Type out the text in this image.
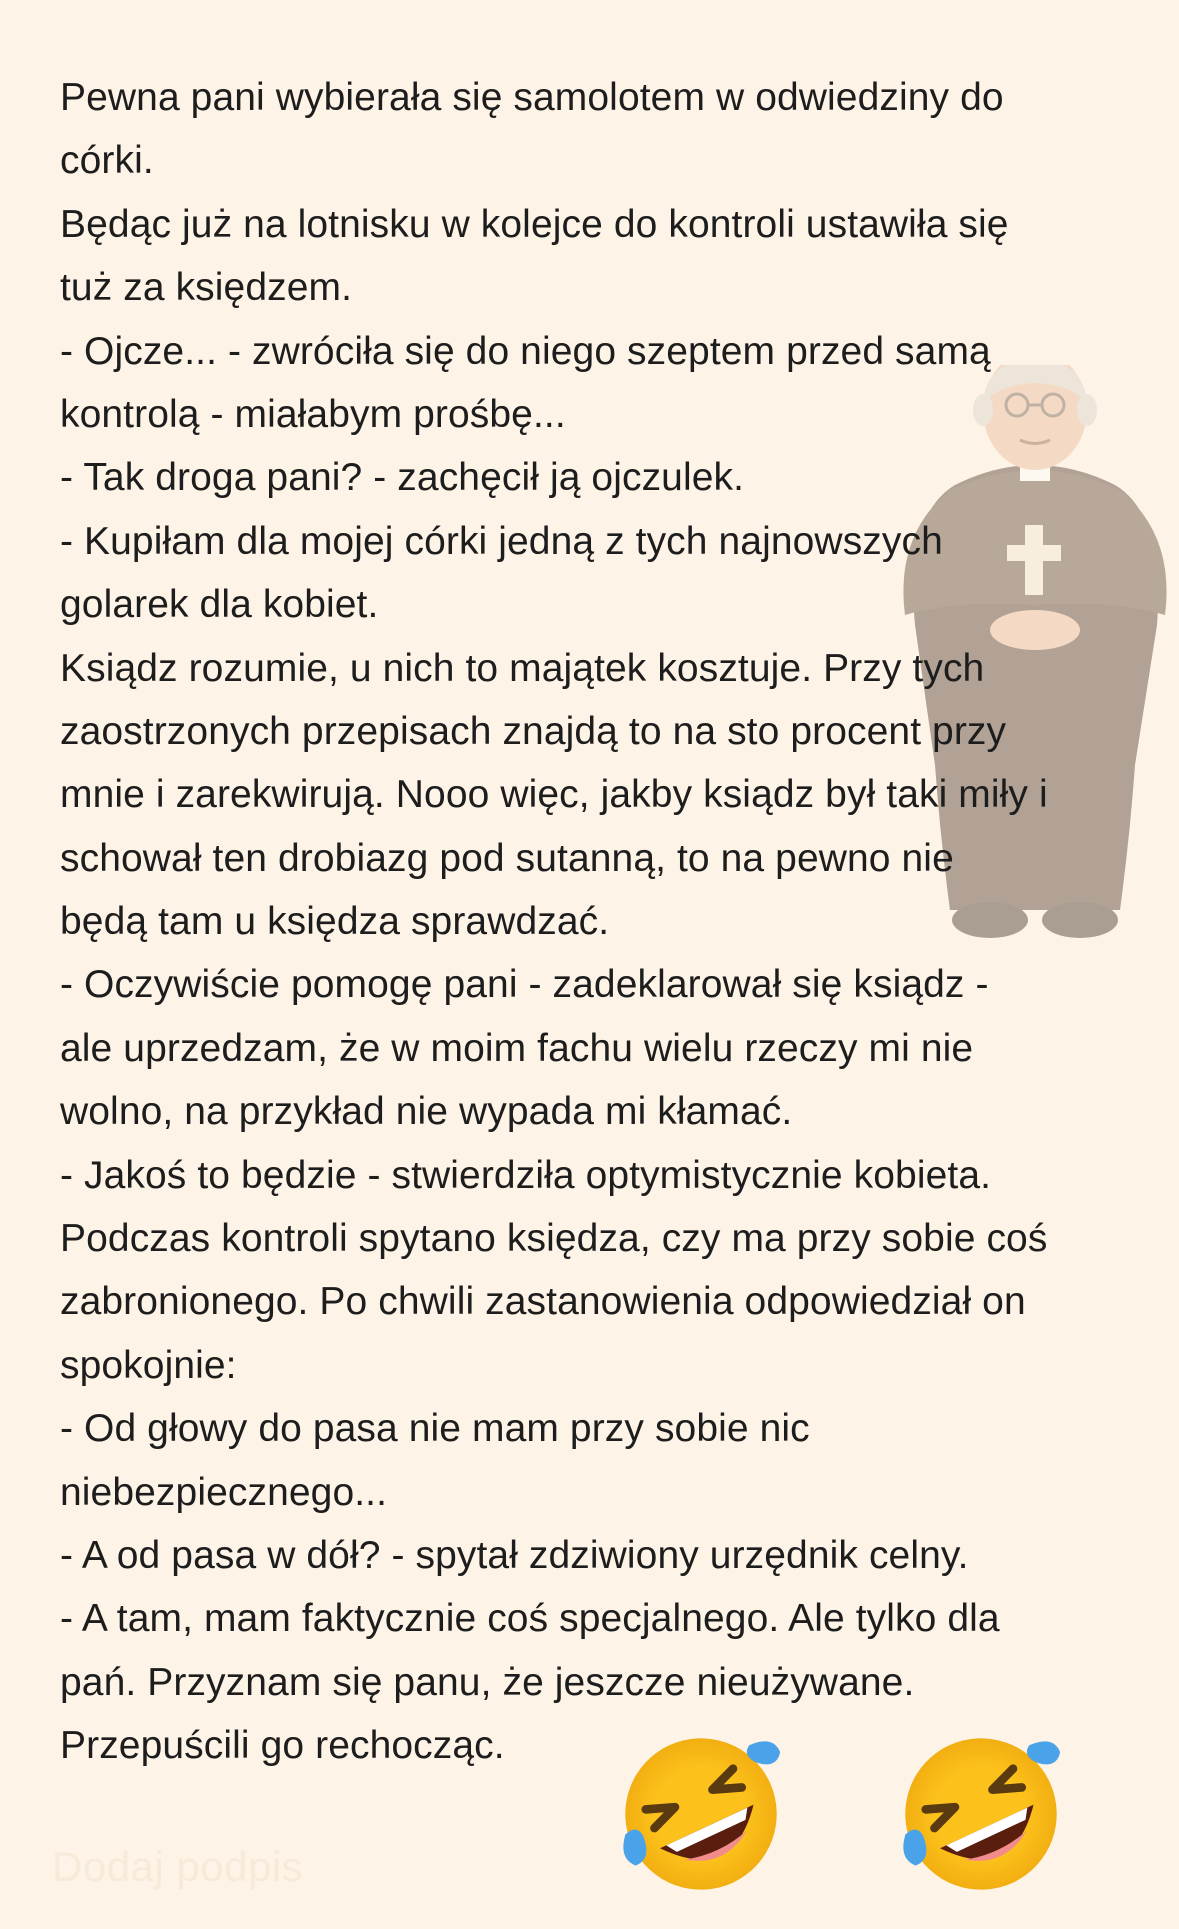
Pewna pani wybierała się samolotem w odwiedziny do
córki.
Będąc już na lotnisku w kolejce do kontroli ustawiła się
tuż za księdzem.
- Ojcze... - zwróciła się do niego szeptem przed samą
kontrolą - miałabym prośbę...
- Tak droga pani? - zachęcił ją ojczulek.
- Kupiłam dla mojej córki jedną z tych najnowszych
golarek dla kobiet.
Ksiądz rozumie, u nich to majątek kosztuje. Przy tych
zaostrzonych przepisach znajdą to na sto procent przy
mnie i zarekwirują. Nooo więc, jakby ksiądz był taki miły i
schował ten drobiazg pod sutanną, to na pewno nie
będą tam u księdza sprawdzać.
- Oczywiście pomogę pani - zadeklarował się ksiądz -
ale uprzedzam, że w moim fachu wielu rzeczy mi nie
wolno, na przykład nie wypada mi kłamać.
- Jakoś to będzie - stwierdziła optymistycznie kobieta.
Podczas kontroli spytano księdza, czy ma przy sobie coś
zabronionego. Po chwili zastanowienia odpowiedział on
spokojnie:
- Od głowy do pasa nie mam przy sobie nic
niebezpiecznego...
- A od pasa w dół? - spytał zdziwiony urzędnik celny.
- A tam, mam faktycznie coś specjalnego. Ale tylko dla
pań. Przyznam się panu, że jeszcze nieużywane.
Przepuścili go rechocząc.
Dodaj podpis
